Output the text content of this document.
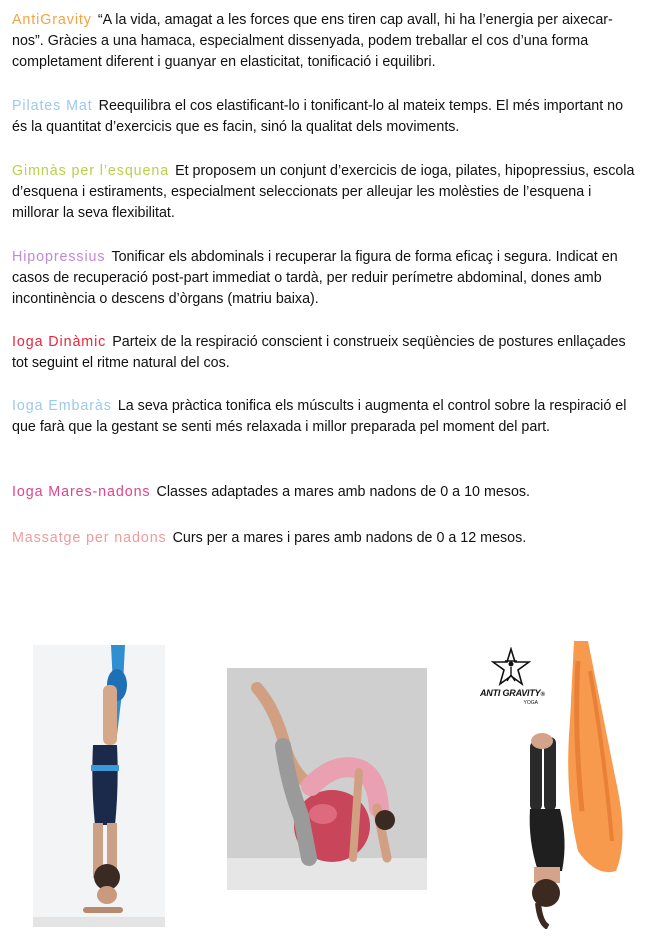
AntiGravity “A la vida, amagat a les forces que ens tiren cap avall, hi ha l’energia per aixecar-nos”. Gràcies a una hamaca, especialment dissenyada, podem treballar el cos d’una forma completament diferent i guanyar en elasticitat, tonificació i equilibri.

Pilates Mat Reequilibra el cos elastificant-lo i tonificant-lo al mateix temps. El més important no és la quantitat d’exercicis que es facin, sinó la qualitat dels moviments.

Gimnàs per l’esquena Et proposem un conjunt d’exercicis de ioga, pilates, hipopressius, escola d’esquena i estiraments, especialment seleccionats per alleujar les molèsties de l’esquena i millorar la seva flexibilitat.

Hipopressius Tonificar els abdominals i recuperar la figura de forma eficaç i segura. Indicat en casos de recuperació post-part immediat o tardà, per reduir perímetre abdominal, dones amb incontinència o descens d’òrgans (matriu baixa).

Ioga Dinàmic Parteix de la respiració conscient i construeix seqüències de postures enllaçades tot seguint el ritme natural del cos.

Ioga Embaràs La seva pràctica tonifica els múscults i augmenta el control sobre la respiració el que farà que la gestant se senti més relaxada i millor preparada pel moment del part.

Ioga Mares-nadons Classes adaptades a mares amb nadons de 0 a 10 mesos.

Massatge per nadons Curs per a mares i pares amb nadons de 0 a 12 mesos.

ANTI GRAVITY®
YOGA
